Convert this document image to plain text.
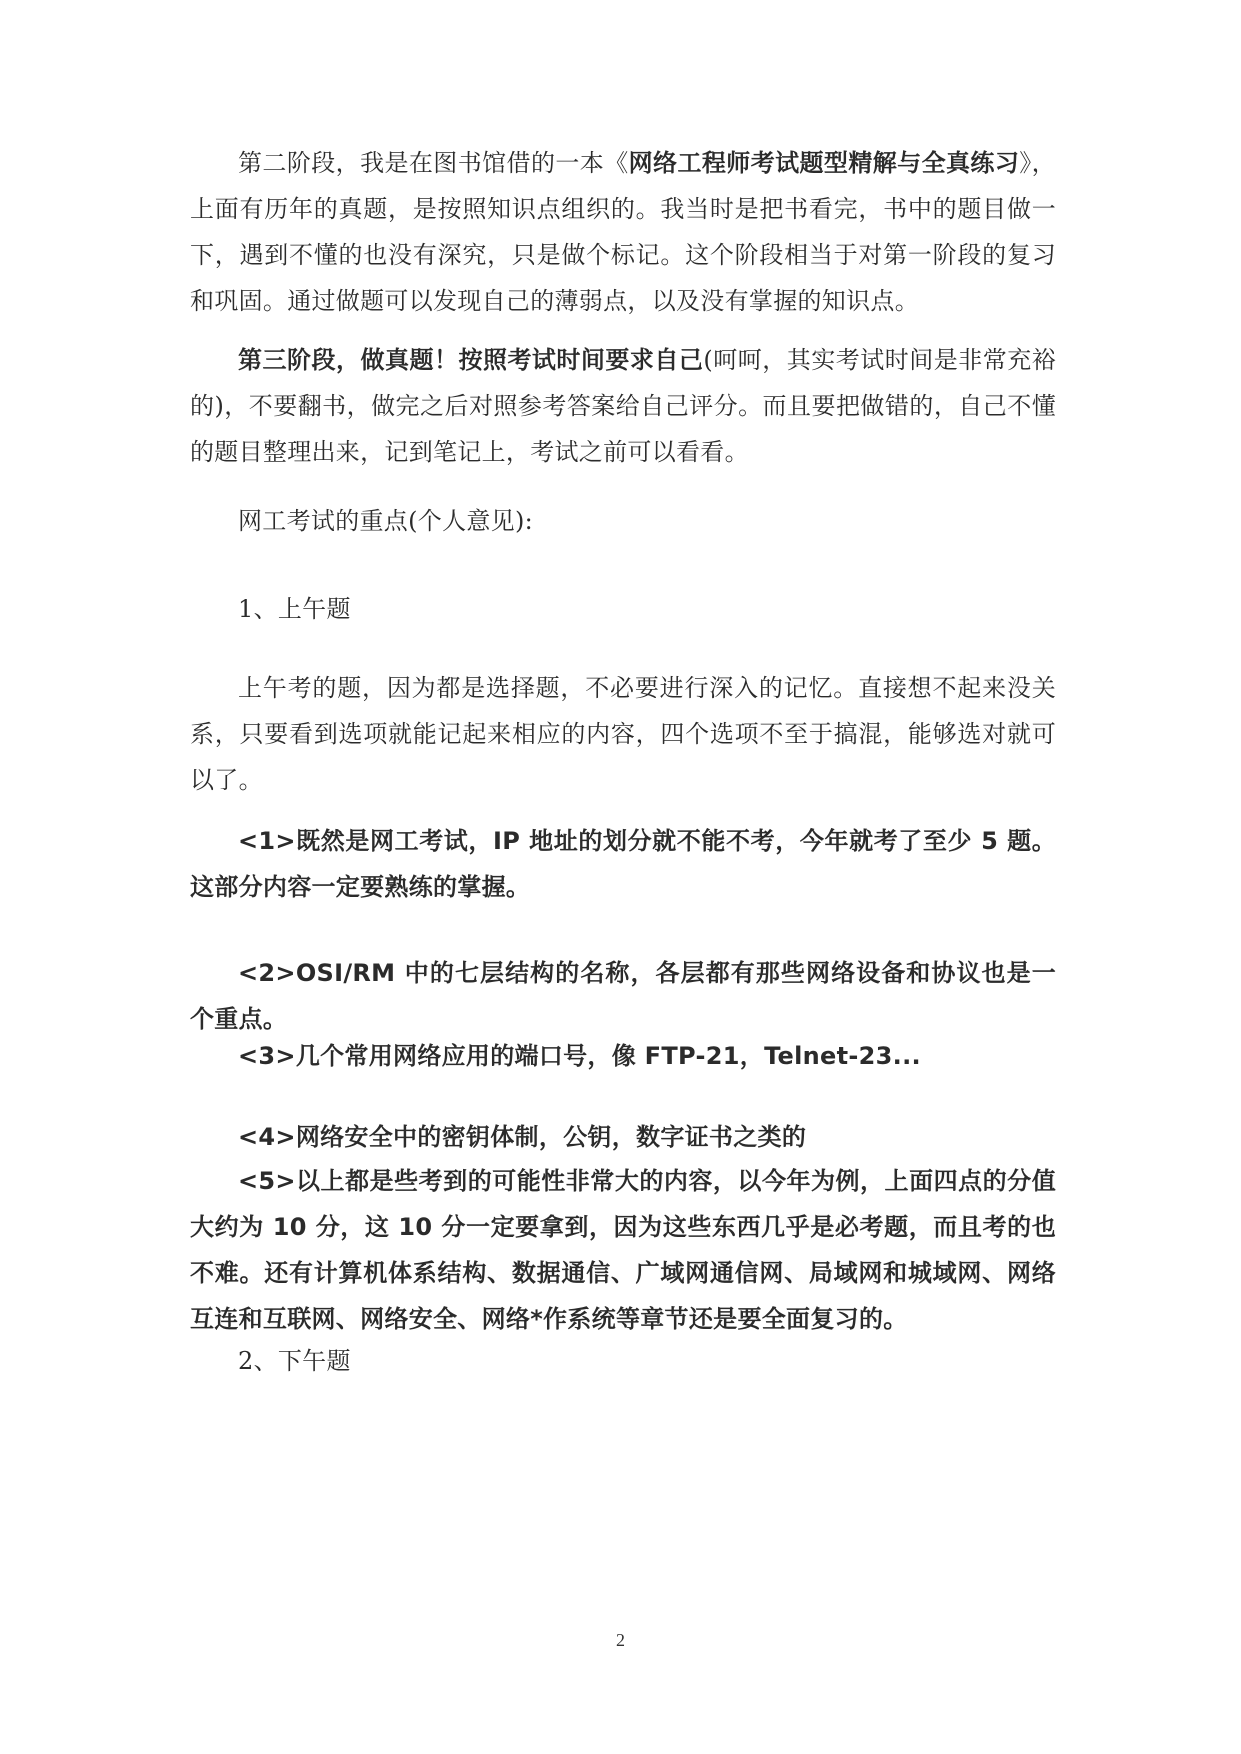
第二阶段，我是在图书馆借的一本《网络工程师考试题型精解与全真练习》，上面有历年的真题，是按照知识点组织的。我当时是把书看完，书中的题目做一下，遇到不懂的也没有深究，只是做个标记。这个阶段相当于对第一阶段的复习和巩固。通过做题可以发现自己的薄弱点，以及没有掌握的知识点。

第三阶段，做真题！按照考试时间要求自己(呵呵，其实考试时间是非常充裕的)，不要翻书，做完之后对照参考答案给自己评分。而且要把做错的，自己不懂的题目整理出来，记到笔记上，考试之前可以看看。

网工考试的重点(个人意见):

1、上午题

上午考的题，因为都是选择题，不必要进行深入的记忆。直接想不起来没关系，只要看到选项就能记起来相应的内容，四个选项不至于搞混，能够选对就可以了。

<1>既然是网工考试，IP 地址的划分就不能不考，今年就考了至少 5 题。这部分内容一定要熟练的掌握。

<2>OSI/RM 中的七层结构的名称，各层都有那些网络设备和协议也是一个重点。

<3>几个常用网络应用的端口号，像 FTP-21，Telnet-23...

<4>网络安全中的密钥体制，公钥，数字证书之类的

<5>以上都是些考到的可能性非常大的内容，以今年为例，上面四点的分值大约为 10 分，这 10 分一定要拿到，因为这些东西几乎是必考题，而且考的也不难。还有计算机体系结构、数据通信、广域网通信网、局域网和城域网、网络互连和互联网、网络安全、网络*作系统等章节还是要全面复习的。

2、下午题

2
